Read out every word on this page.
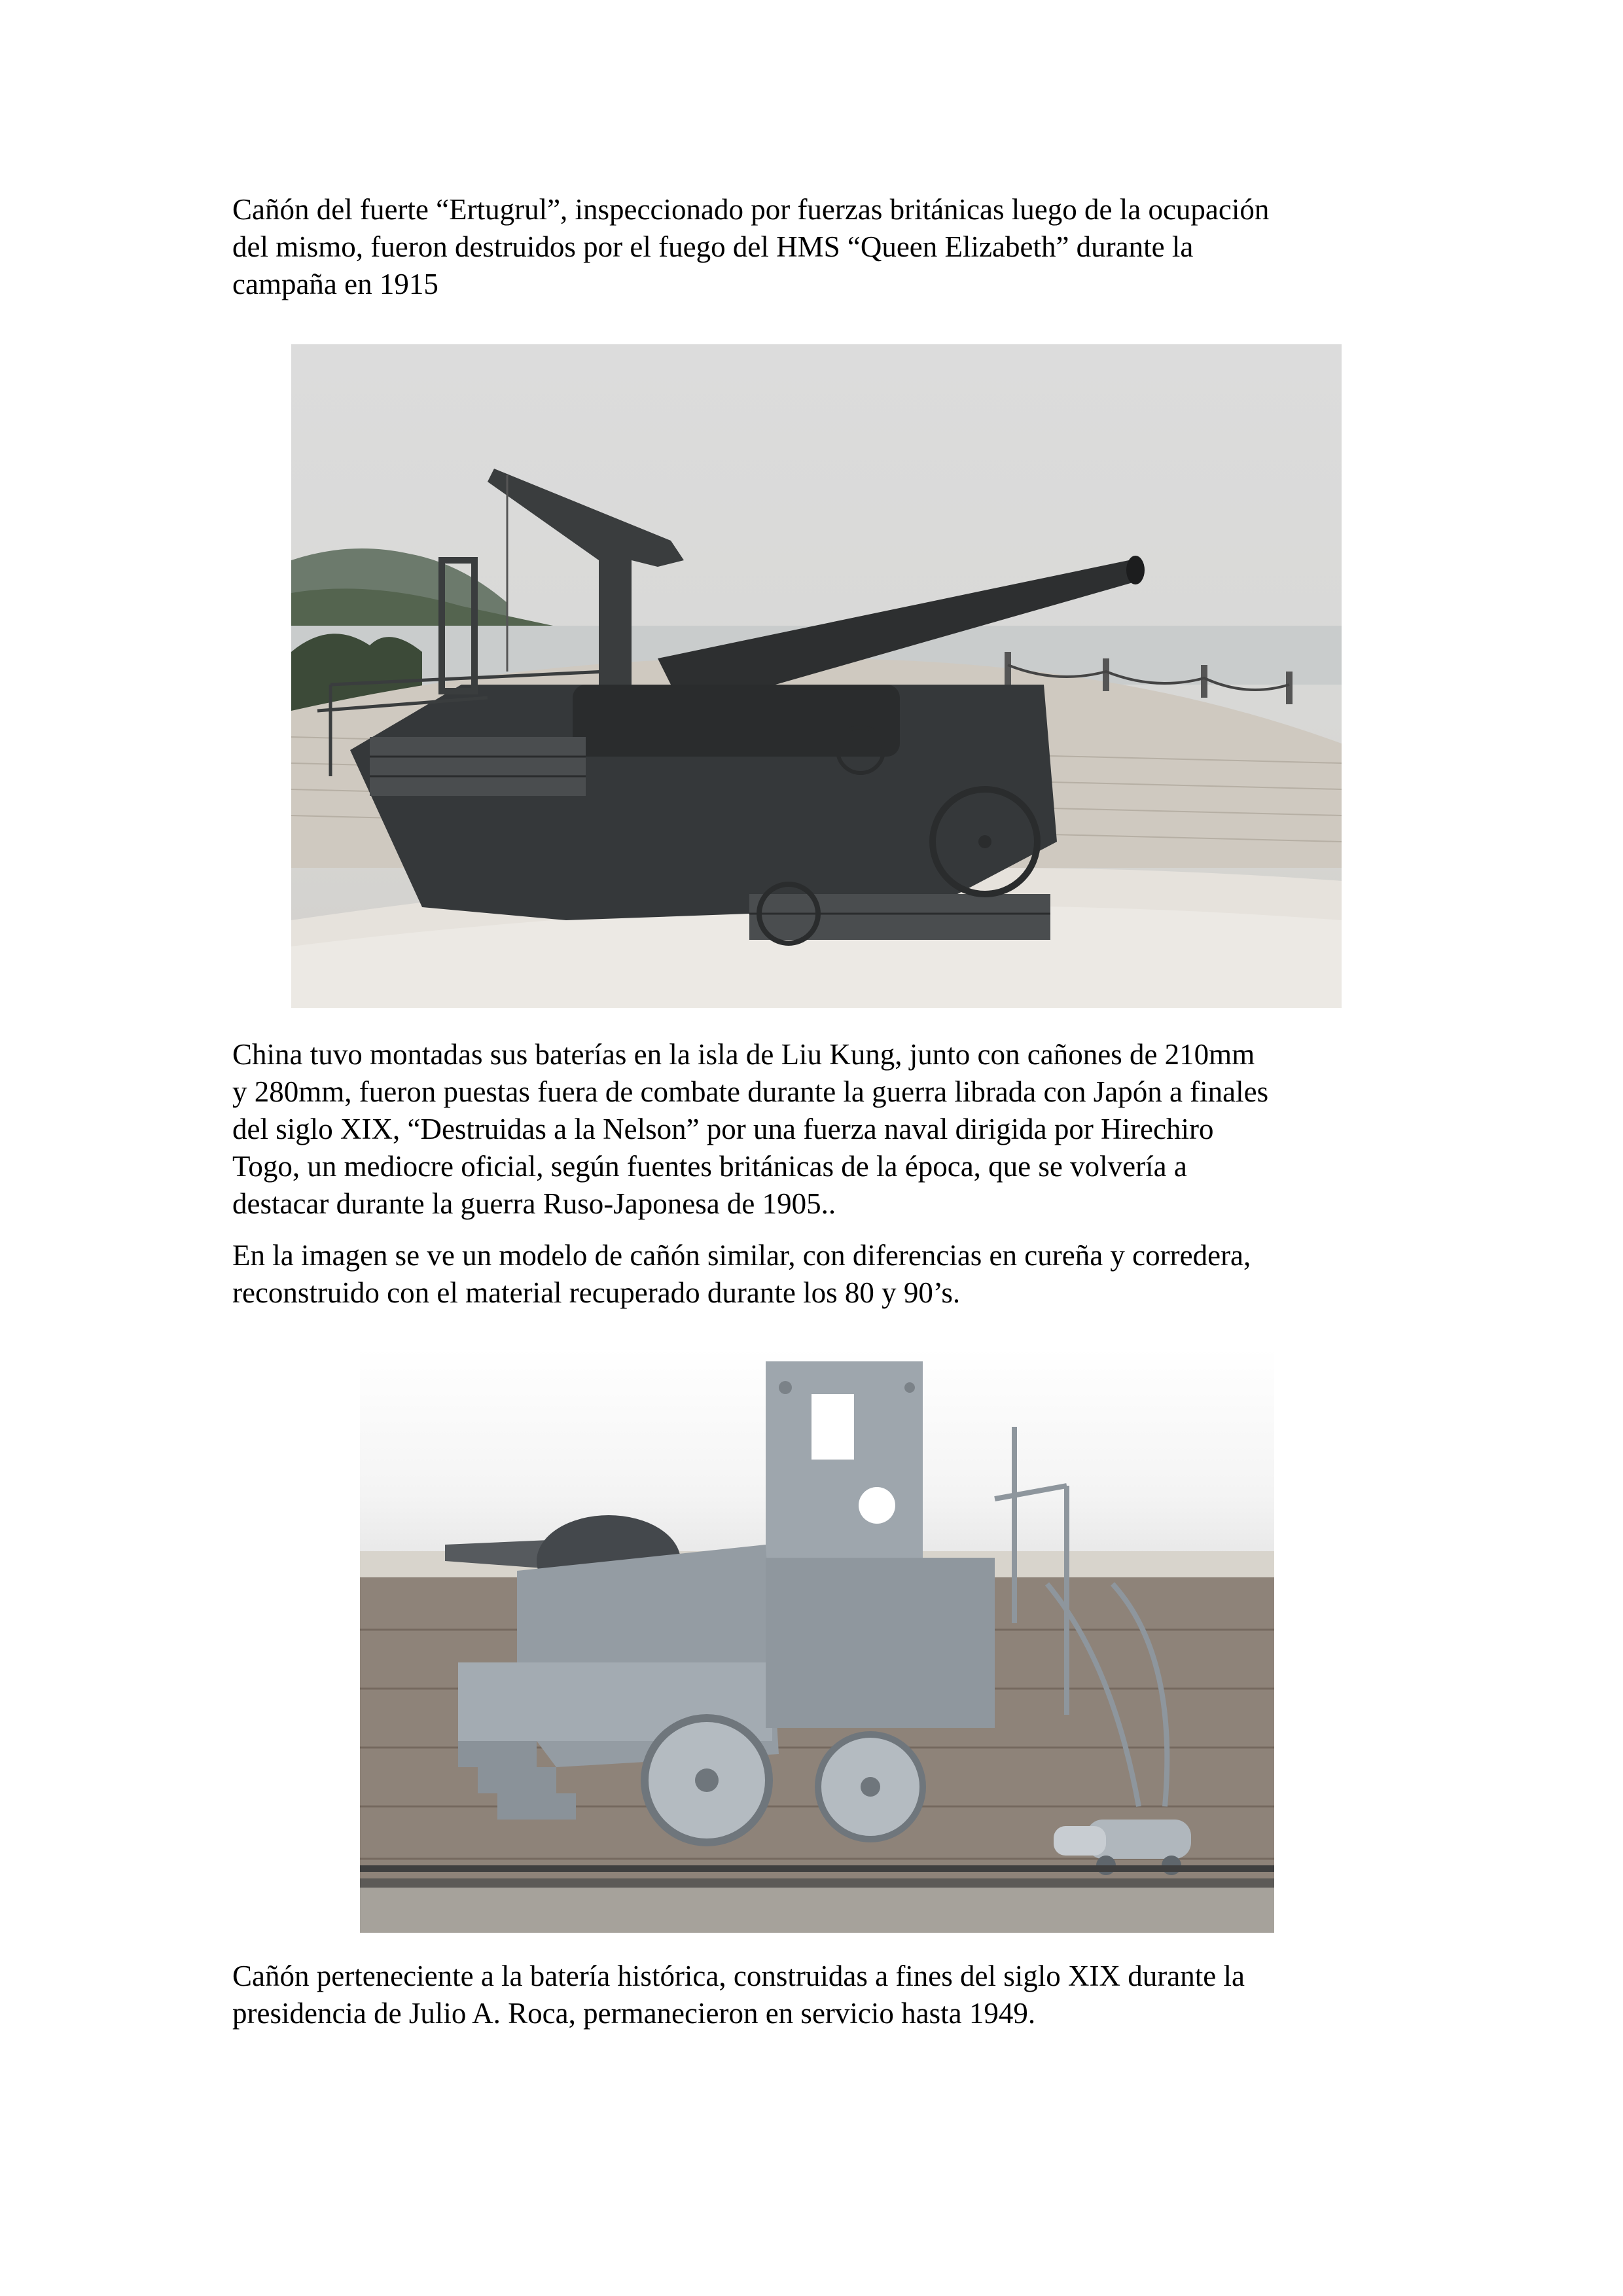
Cañón del fuerte “Ertugrul”, inspeccionado por fuerzas británicas luego de la ocupación
del mismo, fueron destruidos por el fuego del HMS “Queen Elizabeth” durante la
campaña en 1915

China tuvo montadas sus baterías en la isla de Liu Kung, junto con cañones de 210mm
y 280mm, fueron puestas fuera de combate durante la guerra librada con Japón a finales
del siglo XIX, “Destruidas a la Nelson” por una fuerza naval dirigida por Hirechiro
Togo, un mediocre oficial, según fuentes británicas de la época, que se volvería a
destacar durante la guerra Ruso-Japonesa de 1905..

En la imagen se ve un modelo de cañón similar, con diferencias en cureña y corredera,
reconstruido con el material recuperado durante los 80 y 90’s.

Cañón perteneciente a la batería histórica, construidas a fines del siglo XIX durante la
presidencia de Julio A. Roca, permanecieron en servicio hasta 1949.
